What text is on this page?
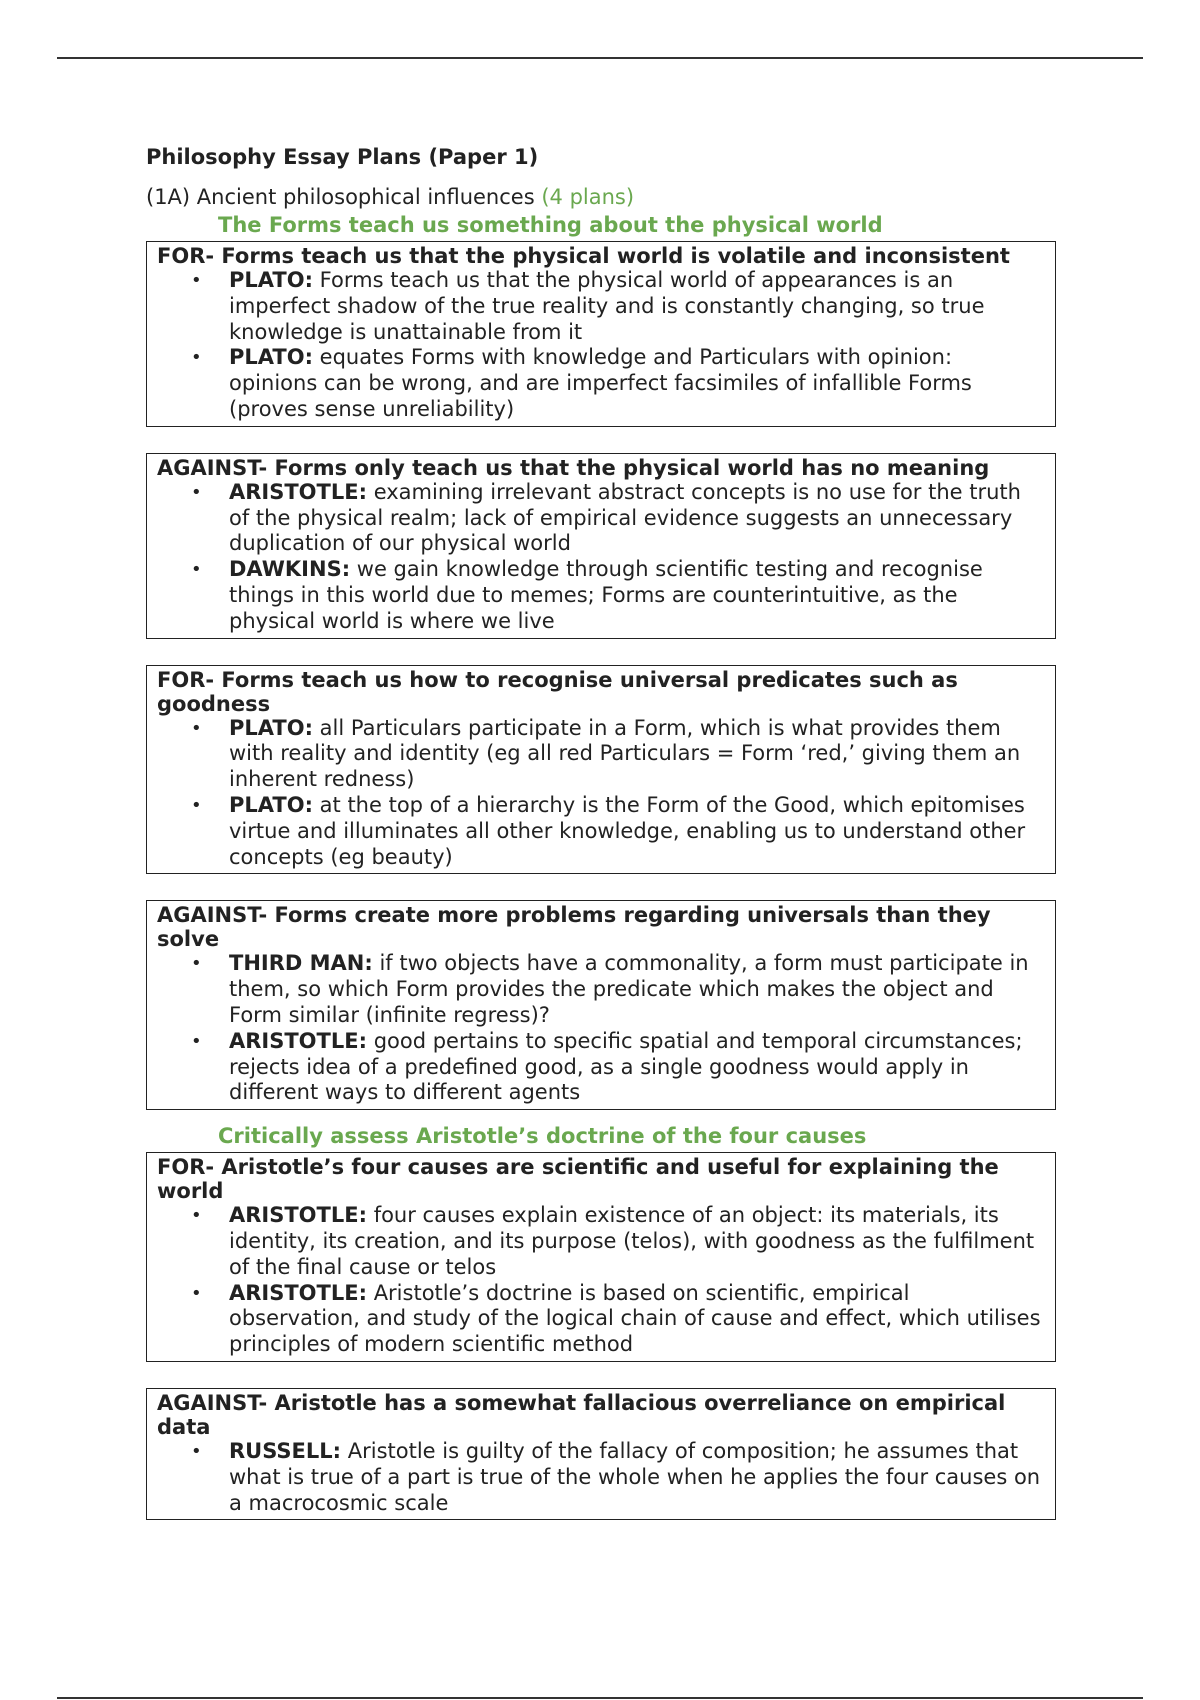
Philosophy Essay Plans (Paper 1)
(1A) Ancient philosophical influences (4 plans)
The Forms teach us something about the physical world
FOR- Forms teach us that the physical world is volatile and inconsistent
• PLATO: Forms teach us that the physical world of appearances is an imperfect shadow of the true reality and is constantly changing, so true knowledge is unattainable from it
• PLATO: equates Forms with knowledge and Particulars with opinion: opinions can be wrong, and are imperfect facsimiles of infallible Forms (proves sense unreliability)
AGAINST- Forms only teach us that the physical world has no meaning
• ARISTOTLE: examining irrelevant abstract concepts is no use for the truth of the physical realm; lack of empirical evidence suggests an unnecessary duplication of our physical world
• DAWKINS: we gain knowledge through scientific testing and recognise things in this world due to memes; Forms are counterintuitive, as the physical world is where we live
FOR- Forms teach us how to recognise universal predicates such as goodness
• PLATO: all Particulars participate in a Form, which is what provides them with reality and identity (eg all red Particulars = Form ‘red,’ giving them an inherent redness)
• PLATO: at the top of a hierarchy is the Form of the Good, which epitomises virtue and illuminates all other knowledge, enabling us to understand other concepts (eg beauty)
AGAINST- Forms create more problems regarding universals than they solve
• THIRD MAN: if two objects have a commonality, a form must participate in them, so which Form provides the predicate which makes the object and Form similar (infinite regress)?
• ARISTOTLE: good pertains to specific spatial and temporal circumstances; rejects idea of a predefined good, as a single goodness would apply in different ways to different agents
Critically assess Aristotle’s doctrine of the four causes
FOR- Aristotle’s four causes are scientific and useful for explaining the world
• ARISTOTLE: four causes explain existence of an object: its materials, its identity, its creation, and its purpose (telos), with goodness as the fulfilment of the final cause or telos
• ARISTOTLE: Aristotle’s doctrine is based on scientific, empirical observation, and study of the logical chain of cause and effect, which utilises principles of modern scientific method
AGAINST- Aristotle has a somewhat fallacious overreliance on empirical data
• RUSSELL: Aristotle is guilty of the fallacy of composition; he assumes that what is true of a part is true of the whole when he applies the four causes on a macrocosmic scale
